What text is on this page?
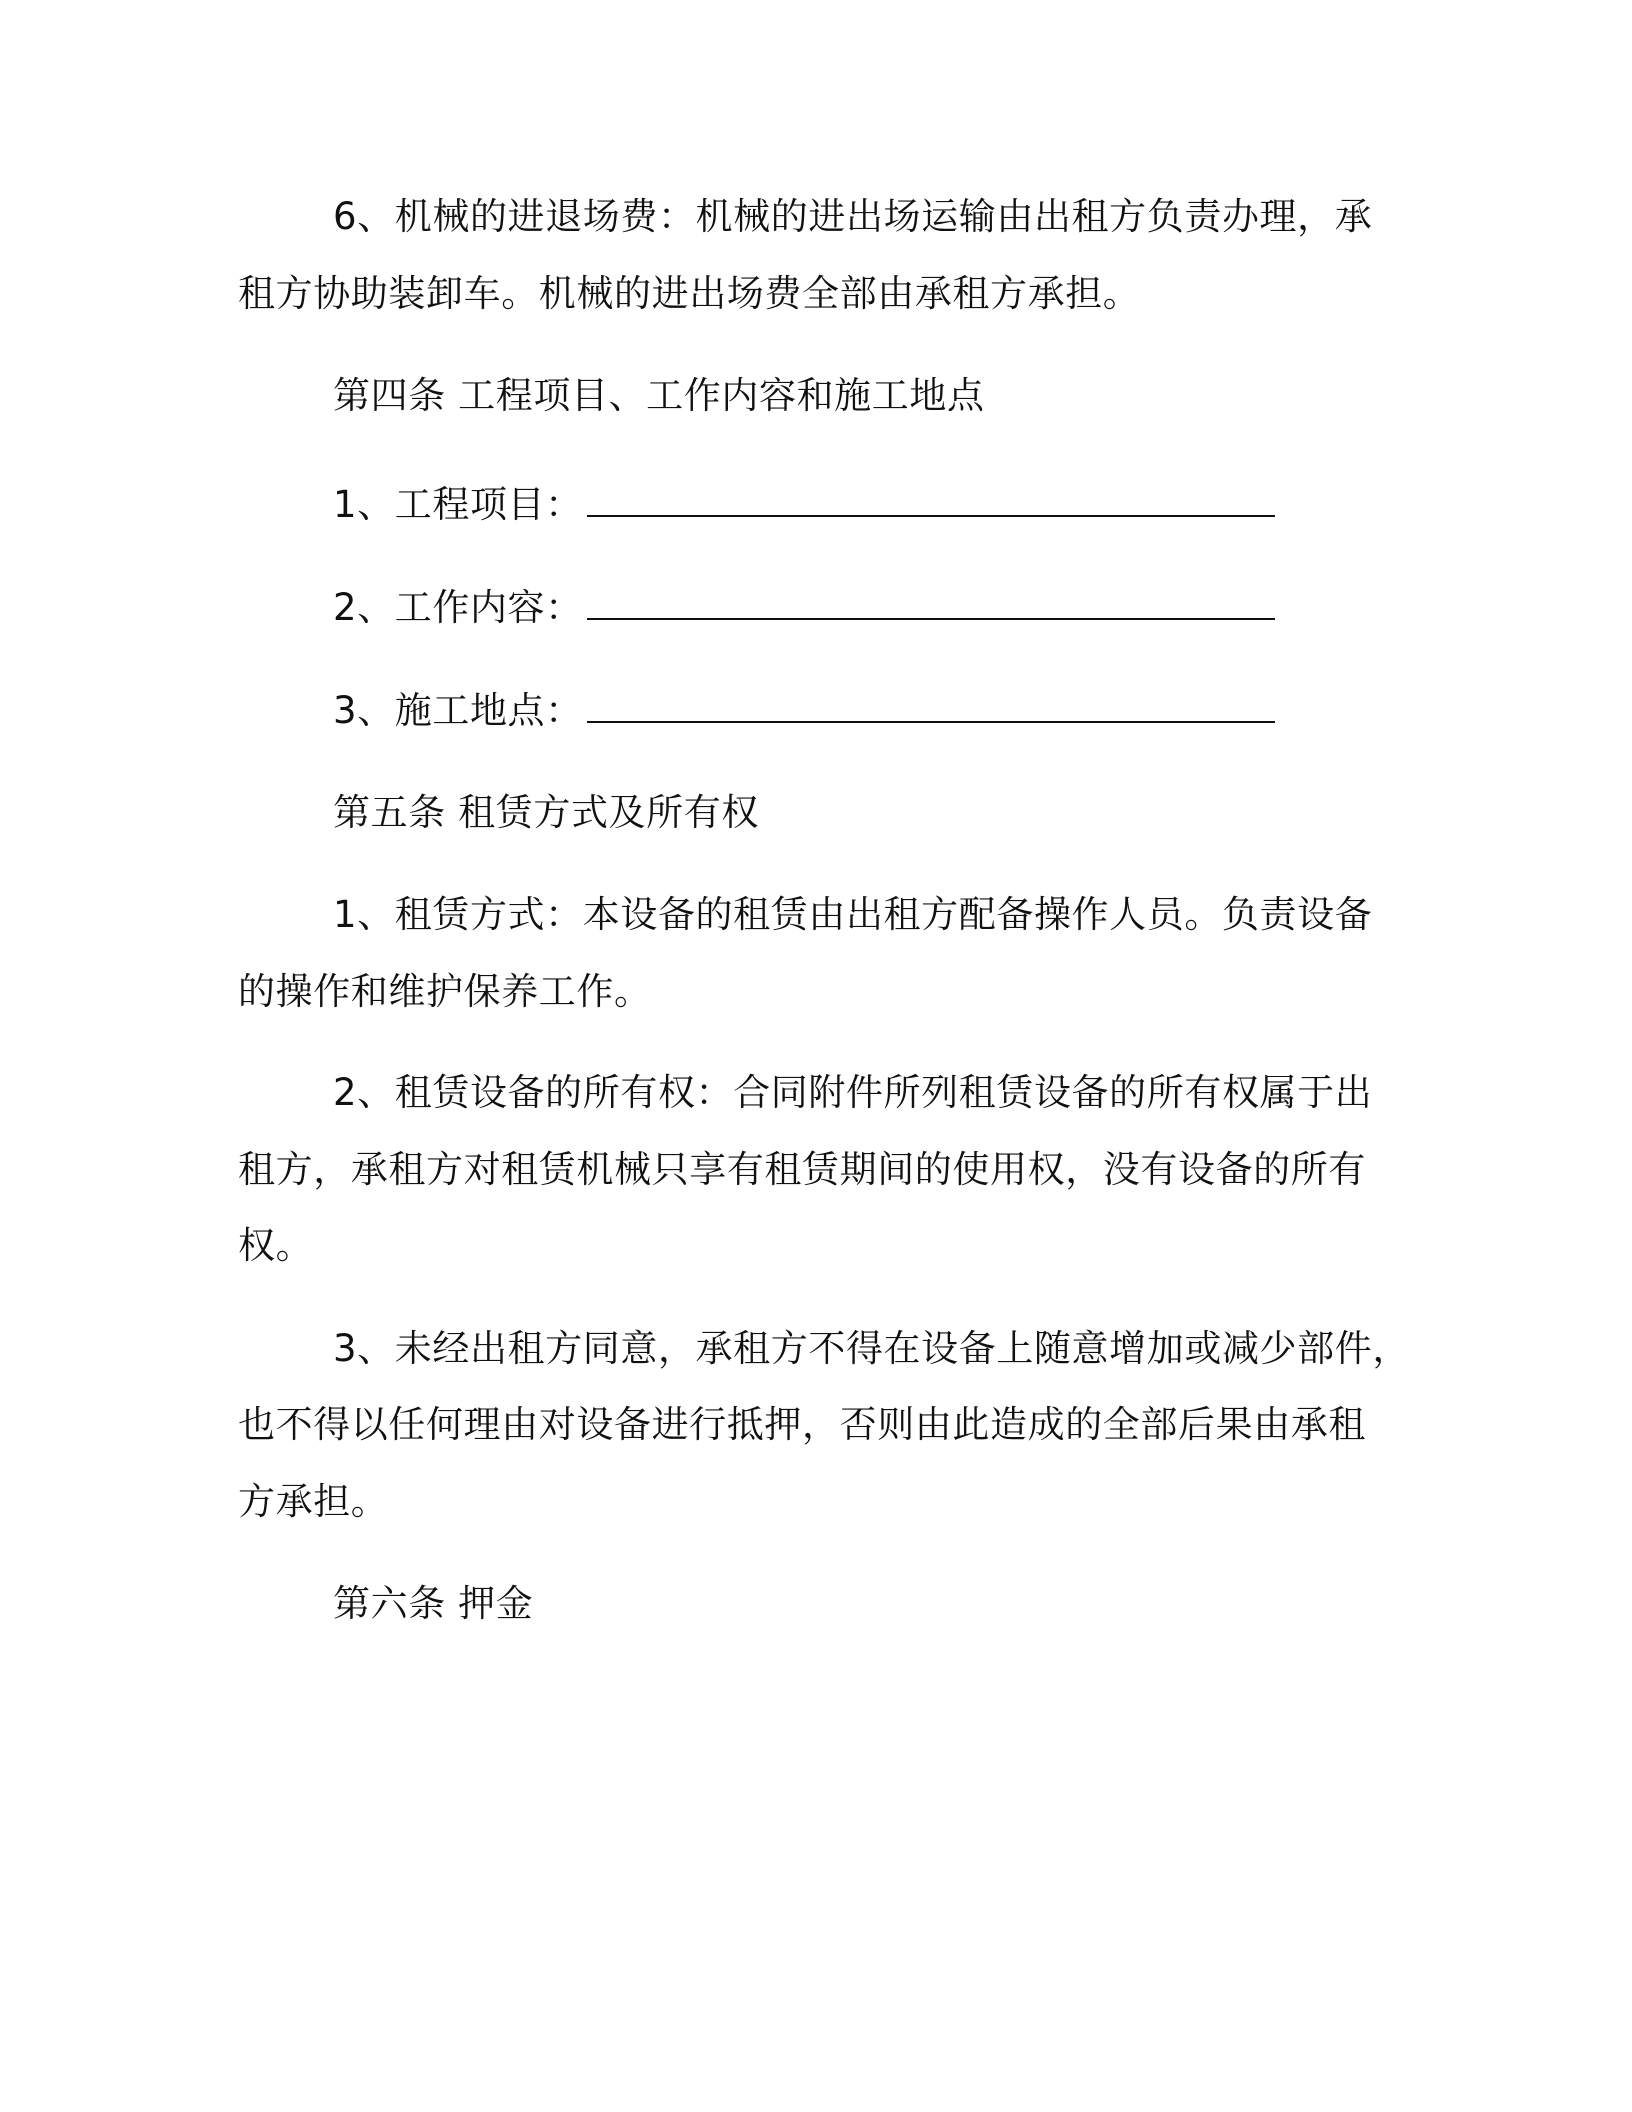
6、机械的进退场费：机械的进出场运输由出租方负责办理，承
租方协助装卸车。机械的进出场费全部由承租方承担。
第四条 工程项目、工作内容和施工地点
1、工程项目：
2、工作内容：
3、施工地点：
第五条 租赁方式及所有权
1、租赁方式：本设备的租赁由出租方配备操作人员。负责设备
的操作和维护保养工作。
2、租赁设备的所有权：合同附件所列租赁设备的所有权属于出
租方，承租方对租赁机械只享有租赁期间的使用权，没有设备的所有
权。
3、未经出租方同意，承租方不得在设备上随意增加或减少部件，
也不得以任何理由对设备进行抵押，否则由此造成的全部后果由承租
方承担。
第六条 押金
